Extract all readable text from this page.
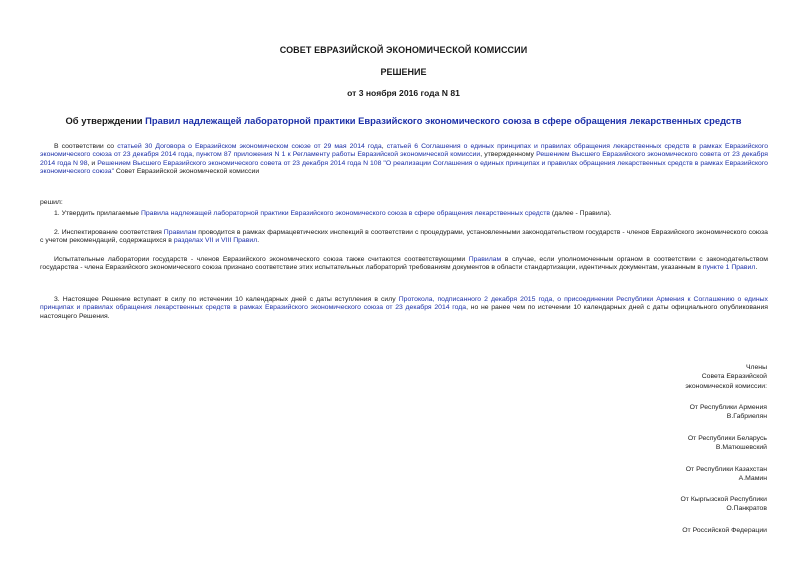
СОВЕТ ЕВРАЗИЙСКОЙ ЭКОНОМИЧЕСКОЙ КОМИССИИ
РЕШЕНИЕ
от 3 ноября 2016 года N 81
Об утверждении Правил надлежащей лабораторной практики Евразийского экономического союза в сфере обращения лекарственных средств
В соответствии со статьей 30 Договора о Евразийском экономическом союзе от 29 мая 2014 года, статьей 6 Соглашения о единых принципах и правилах обращения лекарственных средств в рамках Евразийского экономического союза от 23 декабря 2014 года, пунктом 87 приложения N 1 к Регламенту работы Евразийской экономической комиссии, утвержденному Решением Высшего Евразийского экономического совета от 23 декабря 2014 года N 98, и Решением Высшего Евразийского экономического совета от 23 декабря 2014 года N 108 "О реализации Соглашения о единых принципах и правилах обращения лекарственных средств в рамках Евразийского экономического союза" Совет Евразийской экономической комиссии
решил:
1. Утвердить прилагаемые Правила надлежащей лабораторной практики Евразийского экономического союза в сфере обращения лекарственных средств (далее - Правила).
2. Инспектирование соответствия Правилам проводится в рамках фармацевтических инспекций в соответствии с процедурами, установленными законодательством государств - членов Евразийского экономического союза с учетом рекомендаций, содержащихся в разделах VII и VIII Правил.
Испытательные лаборатории государств - членов Евразийского экономического союза также считаются соответствующими Правилам в случае, если уполномоченным органом в соответствии с законодательством государства - члена Евразийского экономического союза признано соответствие этих испытательных лабораторий требованиям документов в области стандартизации, идентичных документам, указанным в пункте 1 Правил.
3. Настоящее Решение вступает в силу по истечении 10 календарных дней с даты вступления в силу Протокола, подписанного 2 декабря 2015 года, о присоединении Республики Армения к Соглашению о единых принципах и правилах обращения лекарственных средств в рамках Евразийского экономического союза от 23 декабря 2014 года, но не ранее чем по истечении 10 календарных дней с даты официального опубликования настоящего Решения.
Члены
Совета Евразийской
экономической комиссии:
От Республики Армения
В.Габриелян
От Республики Беларусь
В.Матюшевский
От Республики Казахстан
А.Мамин
От Кыргызской Республики
О.Панкратов
От Российской Федерации
